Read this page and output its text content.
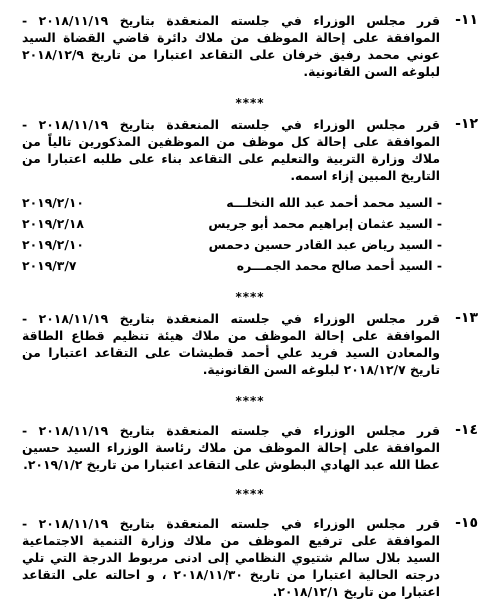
١١-
قرر مجلس الوزراء في جلسته المنعقدة بتاريخ ٢٠١٨/١١/١٩ - الموافقة على إحالة الموظف من ملاك دائرة قاضي القضاة السيد عوني محمد رفيق خرفان على التقاعد اعتبارا من تاريخ ٢٠١٨/١٢/٩ لبلوغه السن القانونية.
****
١٢-
قرر مجلس الوزراء في جلسته المنعقدة بتاريخ ٢٠١٨/١١/١٩ - الموافقة على إحالة كل موظف من الموظفين المذكورين تالياً من ملاك وزارة التربية والتعليم على التقاعد بناء على طلبه اعتبارا من التاريخ المبين إزاء اسمه.
- السيد محمد أحمد عبد الله النخلـــه
٢٠١٩/٢/١٠
- السيد عثمان إبراهيم محمد أبو جريس
٢٠١٩/٢/١٨
- السيد رياض عبد القادر حسين دحمس
٢٠١٩/٢/١٠
- السيد أحمد صالح محمد الجمـــره
٢٠١٩/٣/٧
****
١٣-
قرر مجلس الوزراء في جلسته المنعقدة بتاريخ ٢٠١٨/١١/١٩ - الموافقة على إحالة الموظف من ملاك هيئة تنظيم قطاع الطاقة والمعادن السيد فريد علي أحمد قطيشات على التقاعد اعتبارا من تاريخ ٢٠١٨/١٢/٧ لبلوغه السن القانونية.
****
١٤-
قرر مجلس الوزراء في جلسته المنعقدة بتاريخ ٢٠١٨/١١/١٩ - الموافقة على إحالة الموظف من ملاك رئاسة الوزراء السيد حسين عطا الله عبد الهادي البطوش على التقاعد اعتبارا من تاريخ ٢٠١٩/١/٢.
****
١٥-
قرر مجلس الوزراء في جلسته المنعقدة بتاريخ ٢٠١٨/١١/١٩ - الموافقة على ترفيع الموظف من ملاك وزارة التنمية الاجتماعية السيد بلال سالم شتيوي النظامي إلى ادنى مربوط الدرجة التي تلي درجته الحالية اعتبارا من تاريخ ٢٠١٨/١١/٣٠ ، و احالته على التقاعد اعتبارا من تاريخ ٢٠١٨/١٢/١.
